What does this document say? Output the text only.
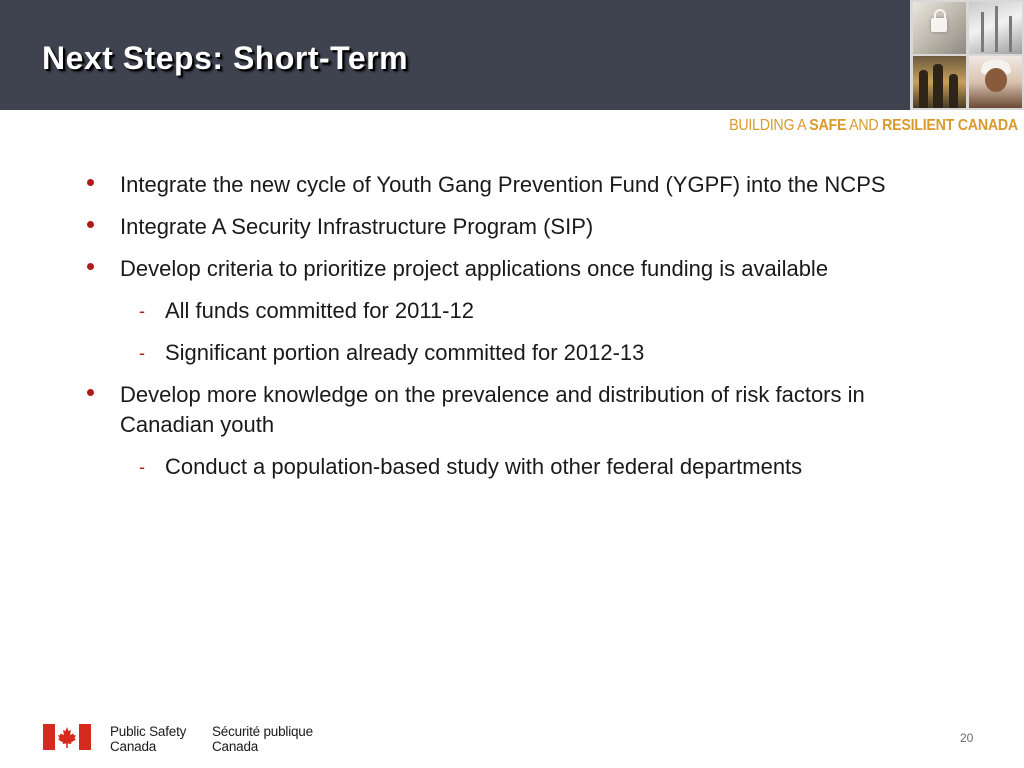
Next Steps: Short-Term

BUILDING A SAFE AND RESILIENT CANADA

Integrate the new cycle of Youth Gang Prevention Fund (YGPF) into the NCPS
Integrate A Security Infrastructure Program (SIP)
Develop criteria to prioritize project applications once funding is available
- All funds committed for 2011-12
- Significant portion already committed for 2012-13
Develop more knowledge on the prevalence and distribution of risk factors in Canadian youth
- Conduct a population-based study with other federal departments
Public Safety
Canada
Sécurité publique
Canada
20
